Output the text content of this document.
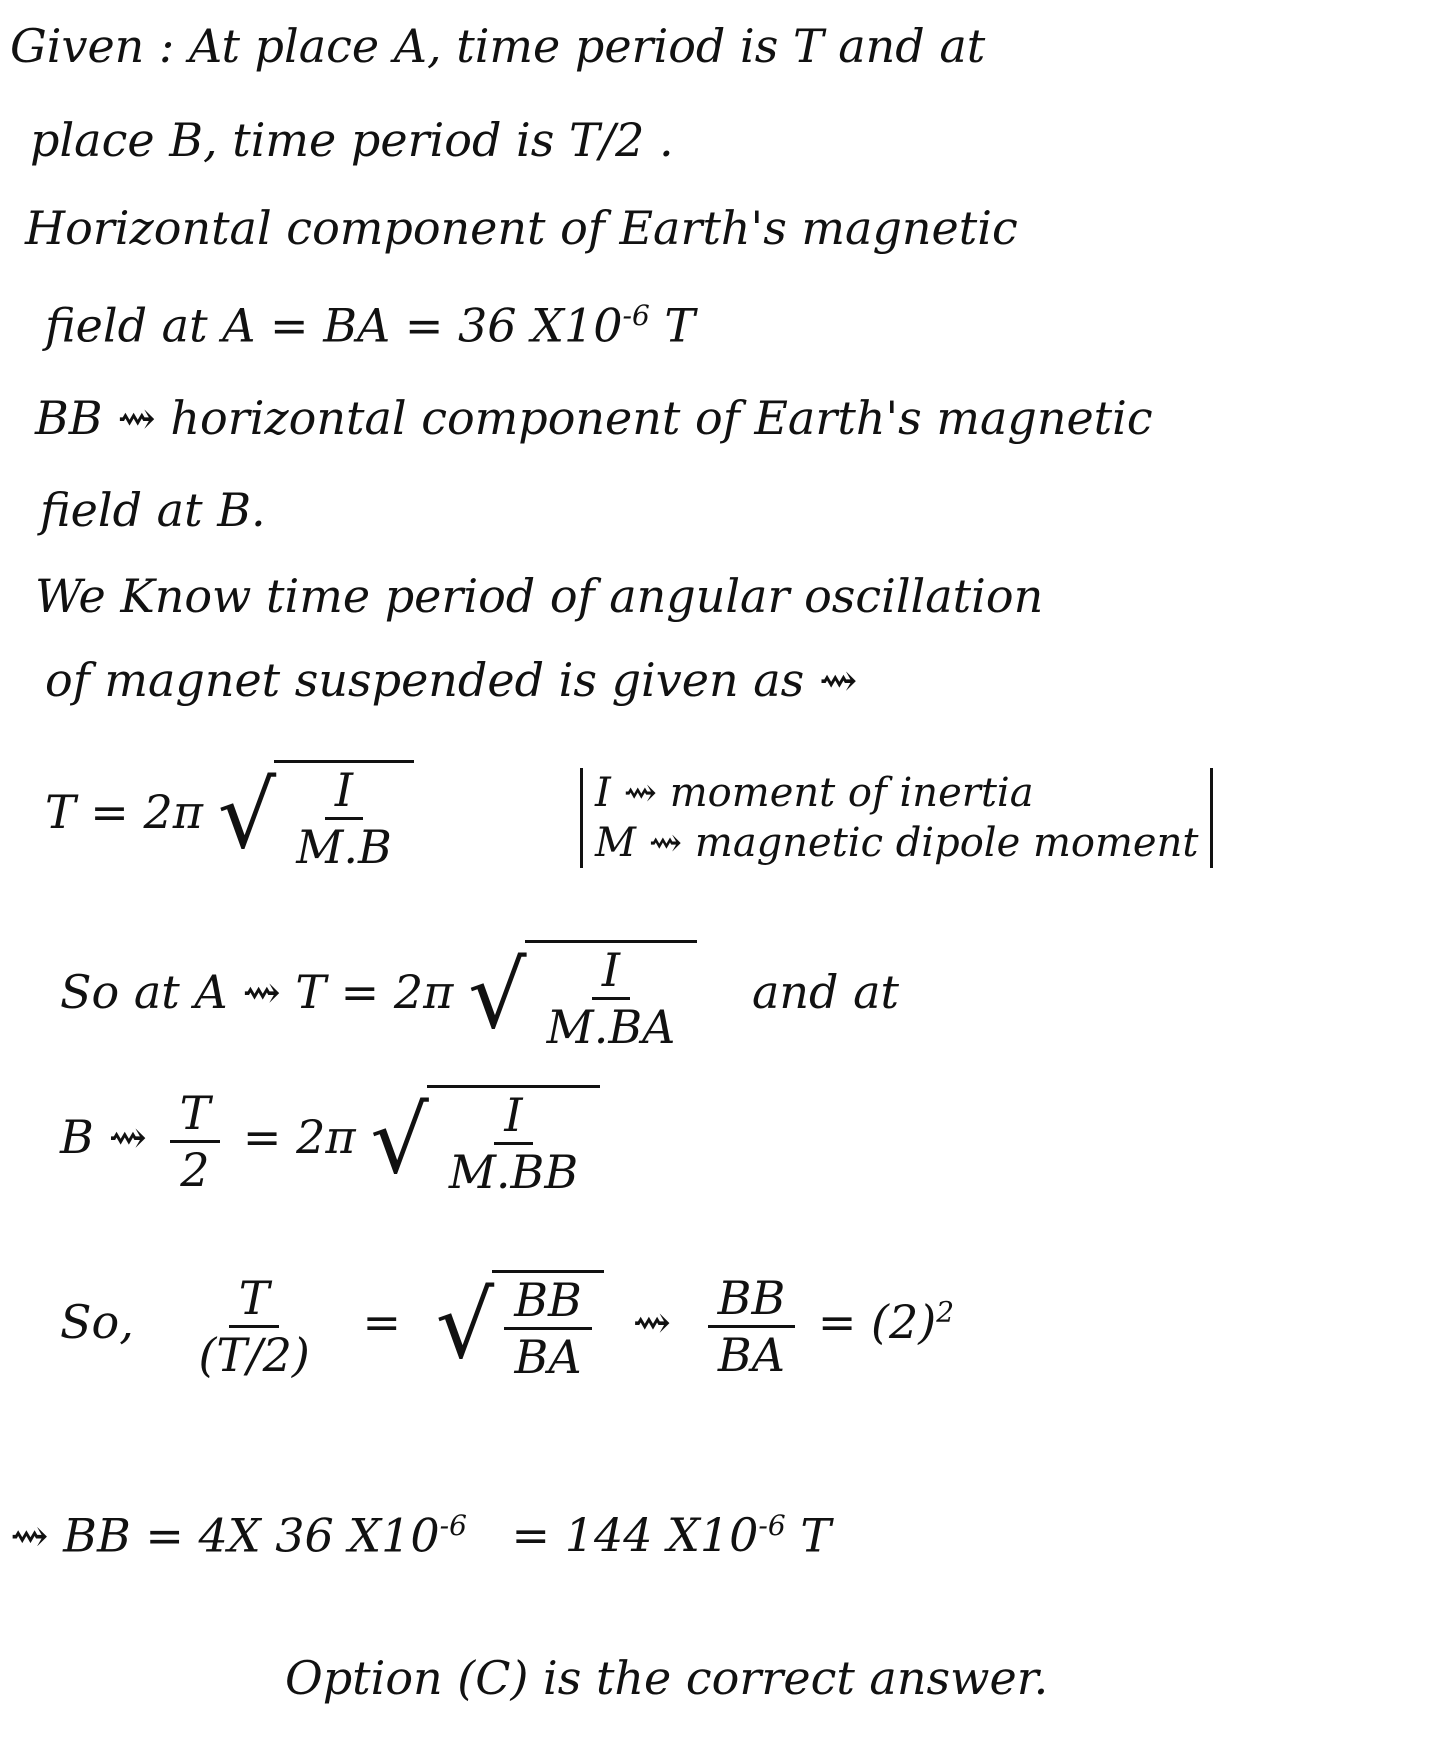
Given : At place A, time period is T and at
place B, time period is T/2 .
Horizontal component of Earth's magnetic
field at A = BA = 36 $X10^{-6}$ T
BB ⇝ horizontal component of Earth's magnetic
field at B.
We Know time period of angular oscillation
of magnet suspended is given as ⇝
T = 2π √ $\frac{I}{M.B}$	I ⇝ moment of inertia
M ⇝ magnetic dipole moment
So at A ⇝ T = 2π √ $\frac{I}{M.BA}$ and at
B ⇝ $\frac{T}{2} = 2\pi$ √ $\frac{I}{M.BB}$
So, $\frac{T}{(T/2)}$ = √ $\frac{BB}{BA}$ ⇝ $\frac{BB}{BA} = (2)^2$
⇝ BB = 4X 36 $X10^{-6} = 144$ $X10^{-6}$ T
Option (C) is the correct answer.
